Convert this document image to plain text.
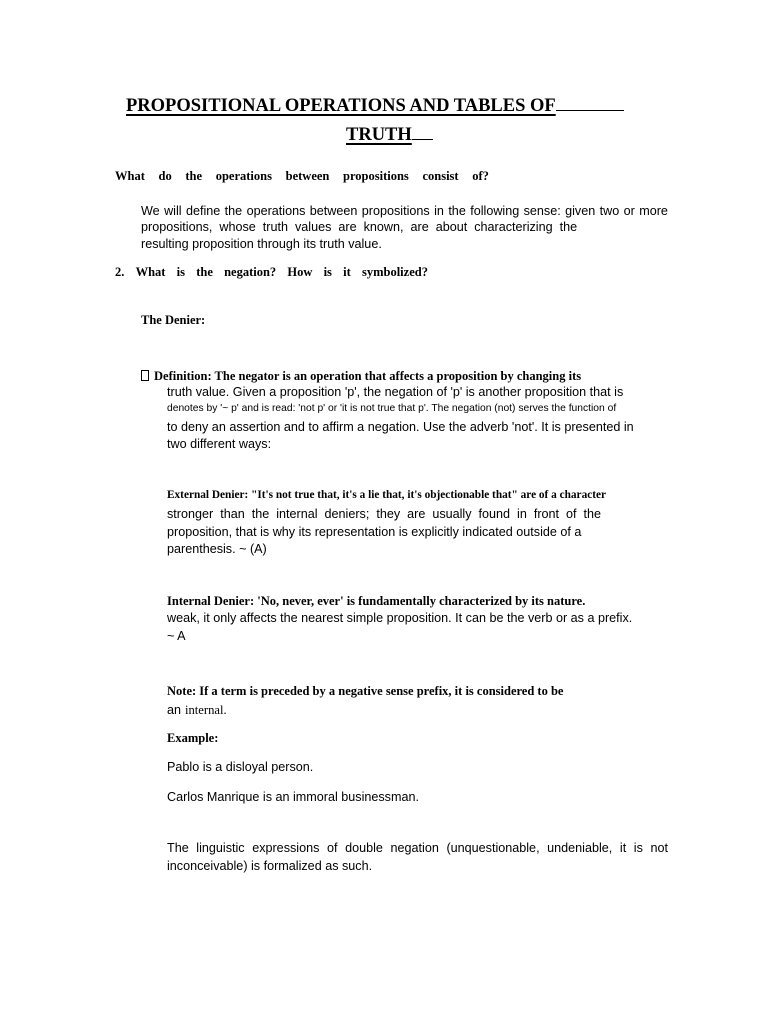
PROPOSITIONAL OPERATIONS AND TABLES OF
TRUTH
What do the operations between propositions consist of?
We will define the operations between propositions in the following sense: given two or more
propositions,  whose  truth  values  are  known,  are  about  characterizing  the
resulting proposition through its truth value.
2. What is the negation? How is it symbolized?
The Denier:
Definition: The negator is an operation that affects a proposition by changing its
truth value. Given a proposition 'p', the negation of 'p' is another proposition that is
denotes by '~ p' and is read: 'not p' or 'it is not true that p'. The negation (not) serves the function of
to deny an assertion and to affirm a negation. Use the adverb 'not'. It is presented in
two different ways:
External Denier: "It's not true that, it's a lie that, it's objectionable that" are of a character
stronger  than  the  internal  deniers;  they  are  usually  found  in  front  of  the
proposition, that is why its representation is explicitly indicated outside of a
parenthesis. ~ (A)
Internal Denier: 'No, never, ever' is fundamentally characterized by its nature.
weak, it only affects the nearest simple proposition. It can be the verb or as a prefix.
~ A
Note: If a term is preceded by a negative sense prefix, it is considered to be
an internal.
Example:
Pablo is a disloyal person.
Carlos Manrique is an immoral businessman.
The linguistic expressions of double negation (unquestionable, undeniable, it is not
inconceivable) is formalized as such.
